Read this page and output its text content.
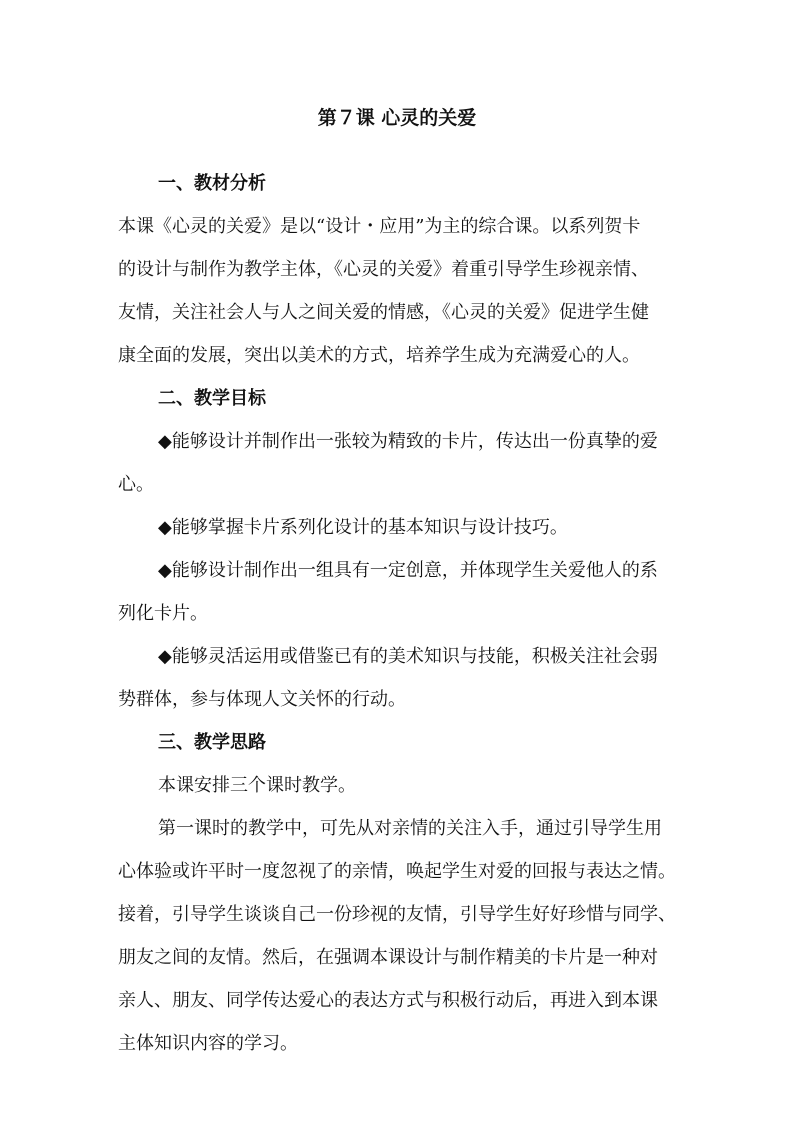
第７课 心灵的关爱
一、教材分析
本课《心灵的关爱》是以“设计・应用”为主的综合课。以系列贺卡
的设计与制作为教学主体，《心灵的关爱》着重引导学生珍视亲情、
友情，关注社会人与人之间关爱的情感，《心灵的关爱》促进学生健
康全面的发展，突出以美术的方式，培养学生成为充满爱心的人。
二、教学目标
◆能够设计并制作出一张较为精致的卡片，传达出一份真挚的爱
心。
◆能够掌握卡片系列化设计的基本知识与设计技巧。
◆能够设计制作出一组具有一定创意，并体现学生关爱他人的系
列化卡片。
◆能够灵活运用或借鉴已有的美术知识与技能，积极关注社会弱
势群体，参与体现人文关怀的行动。
三、教学思路
本课安排三个课时教学。
第一课时的教学中，可先从对亲情的关注入手，通过引导学生用
心体验或许平时一度忽视了的亲情，唤起学生对爱的回报与表达之情。
接着，引导学生谈谈自己一份珍视的友情，引导学生好好珍惜与同学、
朋友之间的友情。然后，在强调本课设计与制作精美的卡片是一种对
亲人、朋友、同学传达爱心的表达方式与积极行动后，再进入到本课
主体知识内容的学习。
